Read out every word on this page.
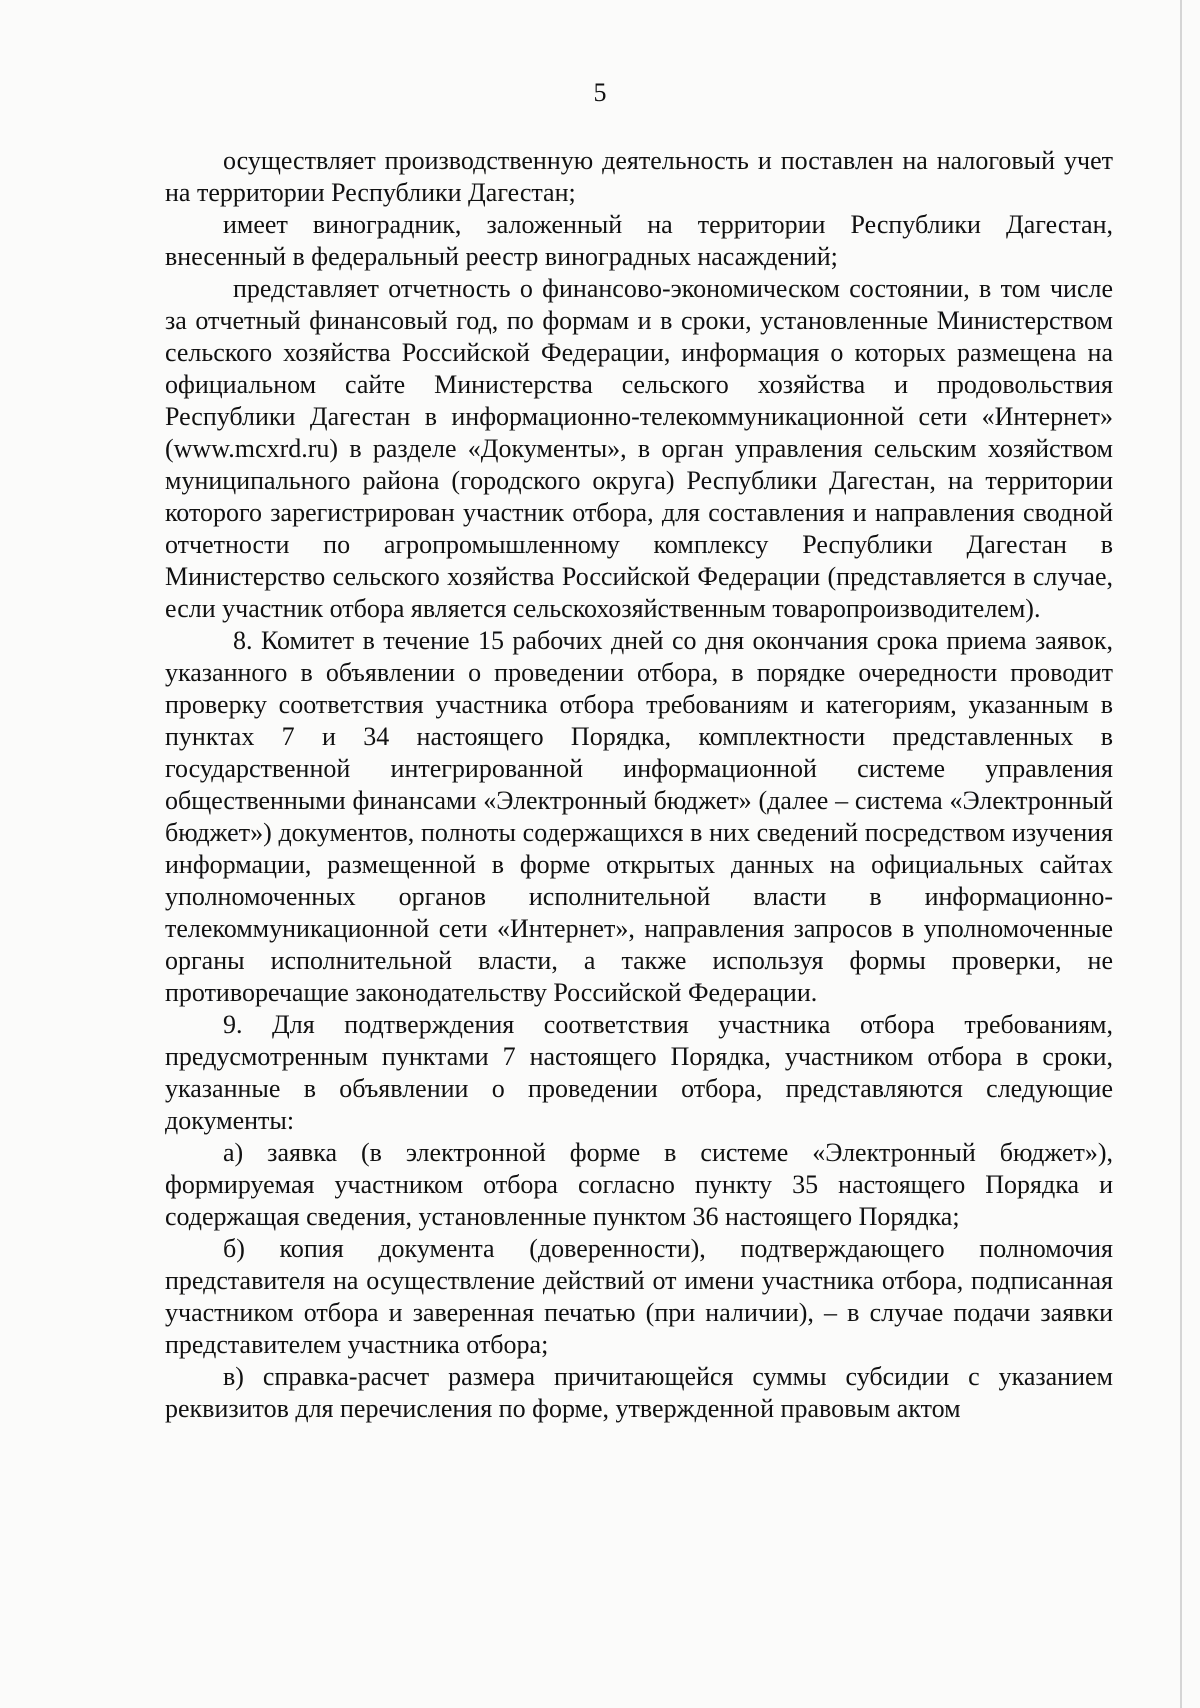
5

осуществляет производственную деятельность и поставлен на налоговый учет на территории Республики Дагестан;

имеет виноградник, заложенный на территории Республики Дагестан, внесенный в федеральный реестр виноградных насаждений;

представляет отчетность о финансово-экономическом состоянии, в том числе за отчетный финансовый год, по формам и в сроки, установленные Министерством сельского хозяйства Российской Федерации, информация о которых размещена на официальном сайте Министерства сельского хозяйства и продовольствия Республики Дагестан в информационно-телекоммуникационной сети «Интернет» (www.mcxrd.ru) в разделе «Документы», в орган управления сельским хозяйством муниципального района (городского округа) Республики Дагестан, на территории которого зарегистрирован участник отбора, для составления и направления сводной отчетности по агропромышленному комплексу Республики Дагестан в Министерство сельского хозяйства Российской Федерации (представляется в случае, если участник отбора является сельскохозяйственным товаропроизводителем).

8. Комитет в течение 15 рабочих дней со дня окончания срока приема заявок, указанного в объявлении о проведении отбора, в порядке очередности проводит проверку соответствия участника отбора требованиям и категориям, указанным в пунктах 7 и 34 настоящего Порядка, комплектности представленных в государственной интегрированной информационной системе управления общественными финансами «Электронный бюджет» (далее – система «Электронный бюджет») документов, полноты содержащихся в них сведений посредством изучения информации, размещенной в форме открытых данных на официальных сайтах уполномоченных органов исполнительной власти в информационно-телекоммуникационной сети «Интернет», направления запросов в уполномоченные органы исполнительной власти, а также используя формы проверки, не противоречащие законодательству Российской Федерации.

9. Для подтверждения соответствия участника отбора требованиям, предусмотренным пунктами 7 настоящего Порядка, участником отбора в сроки, указанные в объявлении о проведении отбора, представляются следующие документы:

а) заявка (в электронной форме в системе «Электронный бюджет»), формируемая участником отбора согласно пункту 35 настоящего Порядка и содержащая сведения, установленные пунктом 36 настоящего Порядка;

б) копия документа (доверенности), подтверждающего полномочия представителя на осуществление действий от имени участника отбора, подписанная участником отбора и заверенная печатью (при наличии), – в случае подачи заявки представителем участника отбора;

в) справка-расчет размера причитающейся суммы субсидии с указанием реквизитов для перечисления по форме, утвержденной правовым актом
